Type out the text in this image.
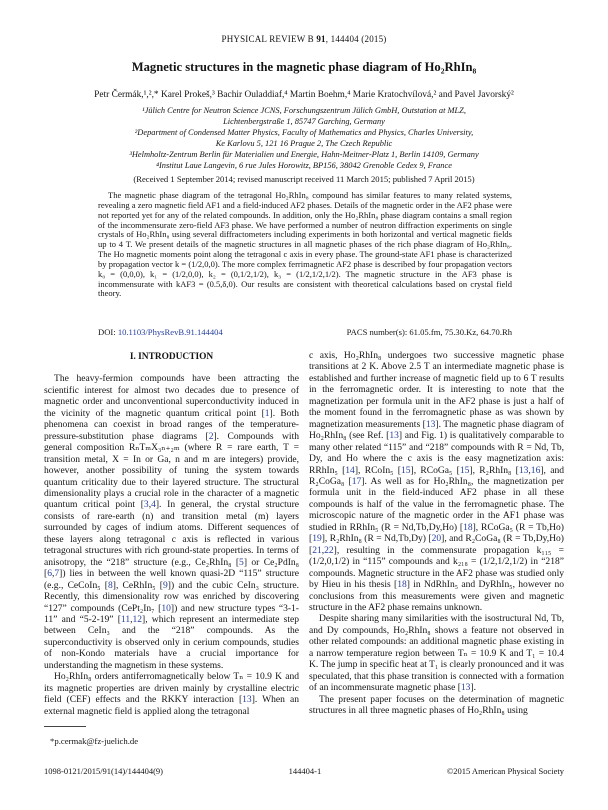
PHYSICAL REVIEW B 91, 144404 (2015)
Magnetic structures in the magnetic phase diagram of Ho₂RhIn₈
Petr Čermák,¹,²,* Karel Prokeš,³ Bachir Ouladdiaf,⁴ Martin Boehm,⁴ Marie Kratochvílová,² and Pavel Javorský²
¹Jülich Centre for Neutron Science JCNS, Forschungszentrum Jülich GmbH, Outstation at MLZ,
Lichtenbergstraße 1, 85747 Garching, Germany
²Department of Condensed Matter Physics, Faculty of Mathematics and Physics, Charles University,
Ke Karlovu 5, 121 16 Prague 2, The Czech Republic
³Helmholtz-Zentrum Berlin für Materialien und Energie, Hahn-Meitner-Platz 1, Berlin 14109, Germany
⁴Institut Laue Langevin, 6 rue Jules Horowitz, BP156, 38042 Grenoble Cedex 9, France
(Received 1 September 2014; revised manuscript received 11 March 2015; published 7 April 2015)
The magnetic phase diagram of the tetragonal Ho₂RhIn₈ compound has similar features to many related systems, revealing a zero magnetic field AF1 and a field-induced AF2 phases. Details of the magnetic order in the AF2 phase were not reported yet for any of the related compounds. In addition, only the Ho₂RhIn₈ phase diagram contains a small region of the incommensurate zero-field AF3 phase. We have performed a number of neutron diffraction experiments on single crystals of Ho₂RhIn₈ using several diffractometers including experiments in both horizontal and vertical magnetic fields up to 4 T. We present details of the magnetic structures in all magnetic phases of the rich phase diagram of Ho₂RhIn₈. The Ho magnetic moments point along the tetragonal c axis in every phase. The ground-state AF1 phase is characterized by propagation vector k = (1/2,0,0). The more complex ferrimagnetic AF2 phase is described by four propagation vectors k₀ = (0,0,0), k₁ = (1/2,0,0), k₂ = (0,1/2,1/2), k₃ = (1/2,1/2,1/2). The magnetic structure in the AF3 phase is incommensurate with kAF3 = (0.5,δ,0). Our results are consistent with theoretical calculations based on crystal field theory.
DOI: 10.1103/PhysRevB.91.144404	PACS number(s): 61.05.fm, 75.30.Kz, 64.70.Rh
I. INTRODUCTION

The heavy-fermion compounds have been attracting the scientific interest for almost two decades due to presence of magnetic order and unconventional superconductivity induced in the vicinity of the magnetic quantum critical point [1]. Both phenomena can coexist in broad ranges of the temperature-pressure-substitution phase diagrams [2]. Compounds with general composition RₙTₘX₃ₙ₊₂ₘ (where R = rare earth, T = transition metal, X = In or Ga, n and m are integers) provide, however, another possibility of tuning the system towards quantum criticality due to their layered structure. The structural dimensionality plays a crucial role in the character of a magnetic quantum critical point [3,4]. In general, the crystal structure consists of rare-earth (n) and transition metal (m) layers surrounded by cages of indium atoms. Different sequences of these layers along tetragonal c axis is reflected in various tetragonal structures with rich ground-state properties. In terms of anisotropy, the “218” structure (e.g., Ce₂RhIn₈ [5] or Ce₂PdIn₈ [6,7]) lies in between the well known quasi-2D “115” structure (e.g., CeCoIn₅ [8], CeRhIn₅ [9]) and the cubic CeIn₃ structure. Recently, this dimensionality row was enriched by discovering “127” compounds (CePt₂In₇ [10]) and new structure types “3-1-11” and “5-2-19” [11,12], which represent an intermediate step between CeIn₃ and the “218” compounds. As the superconductivity is observed only in cerium compounds, studies of non-Kondo materials have a crucial importance for understanding the magnetism in these systems.

Ho₂RhIn₈ orders antiferromagnetically below Tₙ = 10.9 K and its magnetic properties are driven mainly by crystalline electric field (CEF) effects and the RKKY interaction [13]. When an external magnetic field is applied along the tetragonal

c axis, Ho₂RhIn₈ undergoes two successive magnetic phase transitions at 2 K. Above 2.5 T an intermediate magnetic phase is established and further increase of magnetic field up to 6 T results in the ferromagnetic order. It is interesting to note that the magnetization per formula unit in the AF2 phase is just a half of the moment found in the ferromagnetic phase as was shown by magnetization measurements [13]. The magnetic phase diagram of Ho₂RhIn₈ (see Ref. [13] and Fig. 1) is qualitatively comparable to many other related “115” and “218” compounds with R = Nd, Tb, Dy, and Ho where the c axis is the easy magnetization axis: RRhIn₅ [14], RCoIn₅ [15], RCoGa₅ [15], R₂RhIn₈ [13,16], and R₂CoGa₈ [17]. As well as for Ho₂RhIn₈, the magnetization per formula unit in the field-induced AF2 phase in all these compounds is half of the value in the ferromagnetic phase. The microscopic nature of the magnetic order in the AF1 phase was studied in RRhIn₅ (R = Nd,Tb,Dy,Ho) [18], RCoGa₅ (R = Tb,Ho) [19], R₂RhIn₈ (R = Nd,Tb,Dy) [20], and R₂CoGa₈ (R = Tb,Dy,Ho) [21,22], resulting in the commensurate propagation k₁₁₅ = (1/2,0,1/2) in “115” compounds and k₂₁₈ = (1/2,1/2,1/2) in “218” compounds. Magnetic structure in the AF2 phase was studied only by Hieu in his thesis [18] in NdRhIn₅ and DyRhIn₅, however no conclusions from this measurements were given and magnetic structure in the AF2 phase remains unknown.

Despite sharing many similarities with the isostructural Nd, Tb, and Dy compounds, Ho₂RhIn₈ shows a feature not observed in other related compounds: an additional magnetic phase existing in a narrow temperature region between Tₙ = 10.9 K and T₁ = 10.4 K. The jump in specific heat at T₁ is clearly pronounced and it was speculated, that this phase transition is connected with a formation of an incommensurate magnetic phase [13].

The present paper focuses on the determination of magnetic structures in all three magnetic phases of Ho₂RhIn₈ using

*p.cermak@fz-juelich.de
1098-0121/2015/91(14)/144404(9)	144404-1	©2015 American Physical Society
